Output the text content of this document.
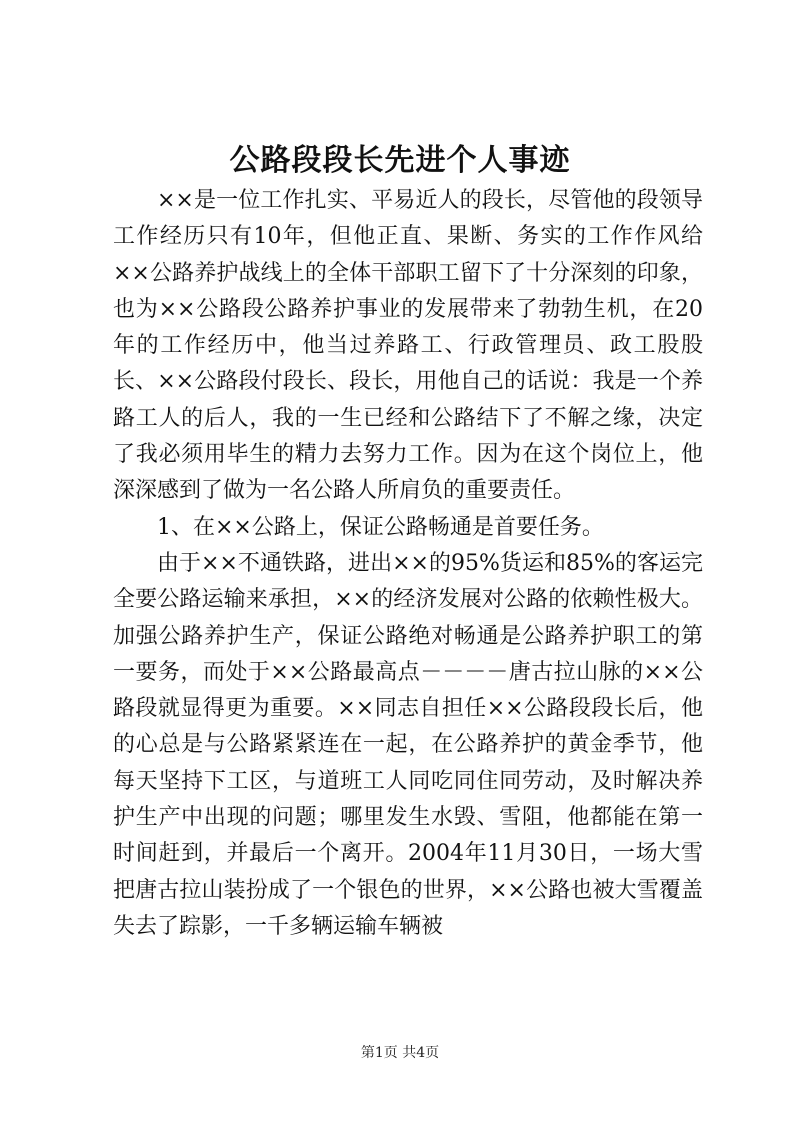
公路段段长先进个人事迹

××是一位工作扎实、平易近人的段长，尽管他的段领导工作经历只有10年，但他正直、果断、务实的工作作风给××公路养护战线上的全体干部职工留下了十分深刻的印象，也为××公路段公路养护事业的发展带来了勃勃生机，在20年的工作经历中，他当过养路工、行政管理员、政工股股长、××公路段付段长、段长，用他自己的话说：我是一个养路工人的后人，我的一生已经和公路结下了不解之缘，决定了我必须用毕生的精力去努力工作。因为在这个岗位上，他深深感到了做为一名公路人所肩负的重要责任。

1、在××公路上，保证公路畅通是首要任务。

由于××不通铁路，进出××的95%货运和85%的客运完全要公路运输来承担，××的经济发展对公路的依赖性极大。加强公路养护生产，保证公路绝对畅通是公路养护职工的第一要务，而处于××公路最高点－－－－唐古拉山脉的××公路段就显得更为重要。××同志自担任××公路段段长后，他的心总是与公路紧紧连在一起，在公路养护的黄金季节，他每天坚持下工区，与道班工人同吃同住同劳动，及时解决养护生产中出现的问题；哪里发生水毁、雪阻，他都能在第一时间赶到，并最后一个离开。2004年11月30日，一场大雪把唐古拉山装扮成了一个银色的世界，××公路也被大雪覆盖失去了踪影，一千多辆运输车辆被

第1页 共4页
